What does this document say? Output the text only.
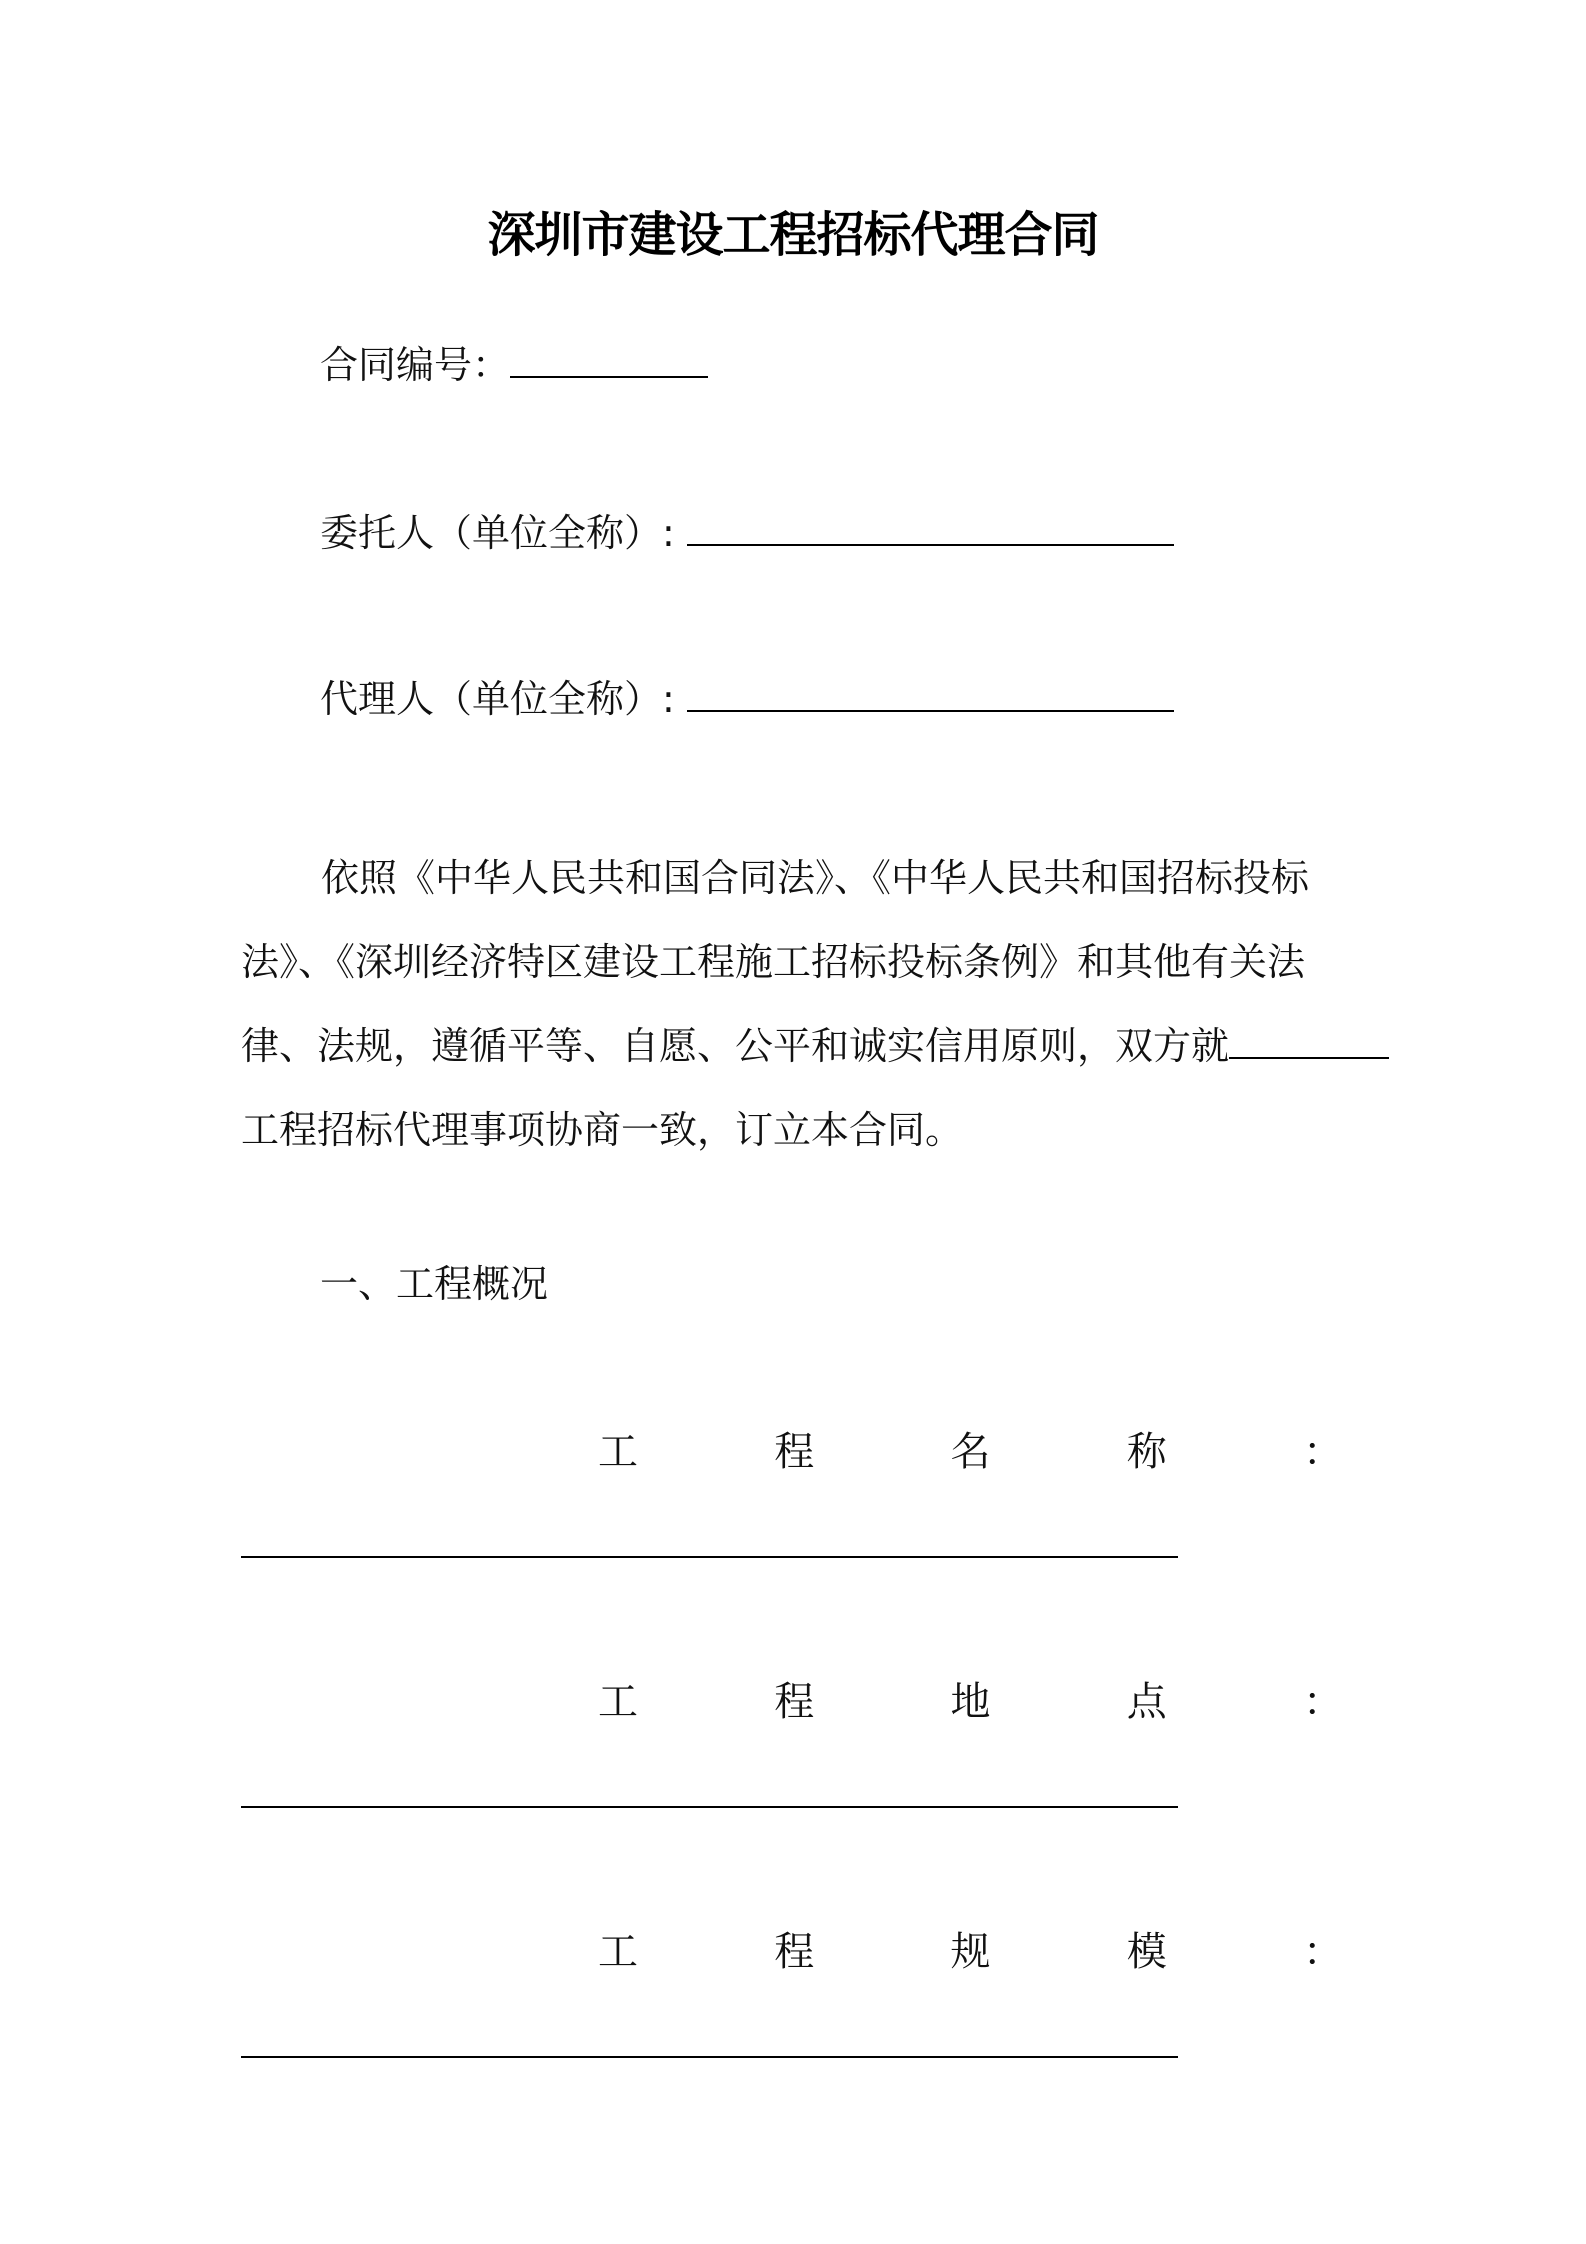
深圳市建设工程招标代理合同
合同编号：
委托人（单位全称）:
代理人（单位全称）:
依照《中华人民共和国合同法》、《中华人民共和国招标投标
法》、《深圳经济特区建设工程施工招标投标条例》和其他有关法
律、法规，遵循平等、自愿、公平和诚实信用原则，双方就
工程招标代理事项协商一致，订立本合同。
一、工程概况
工	程	名	称	：
工	程	地	点	：
工	程	规	模	：
